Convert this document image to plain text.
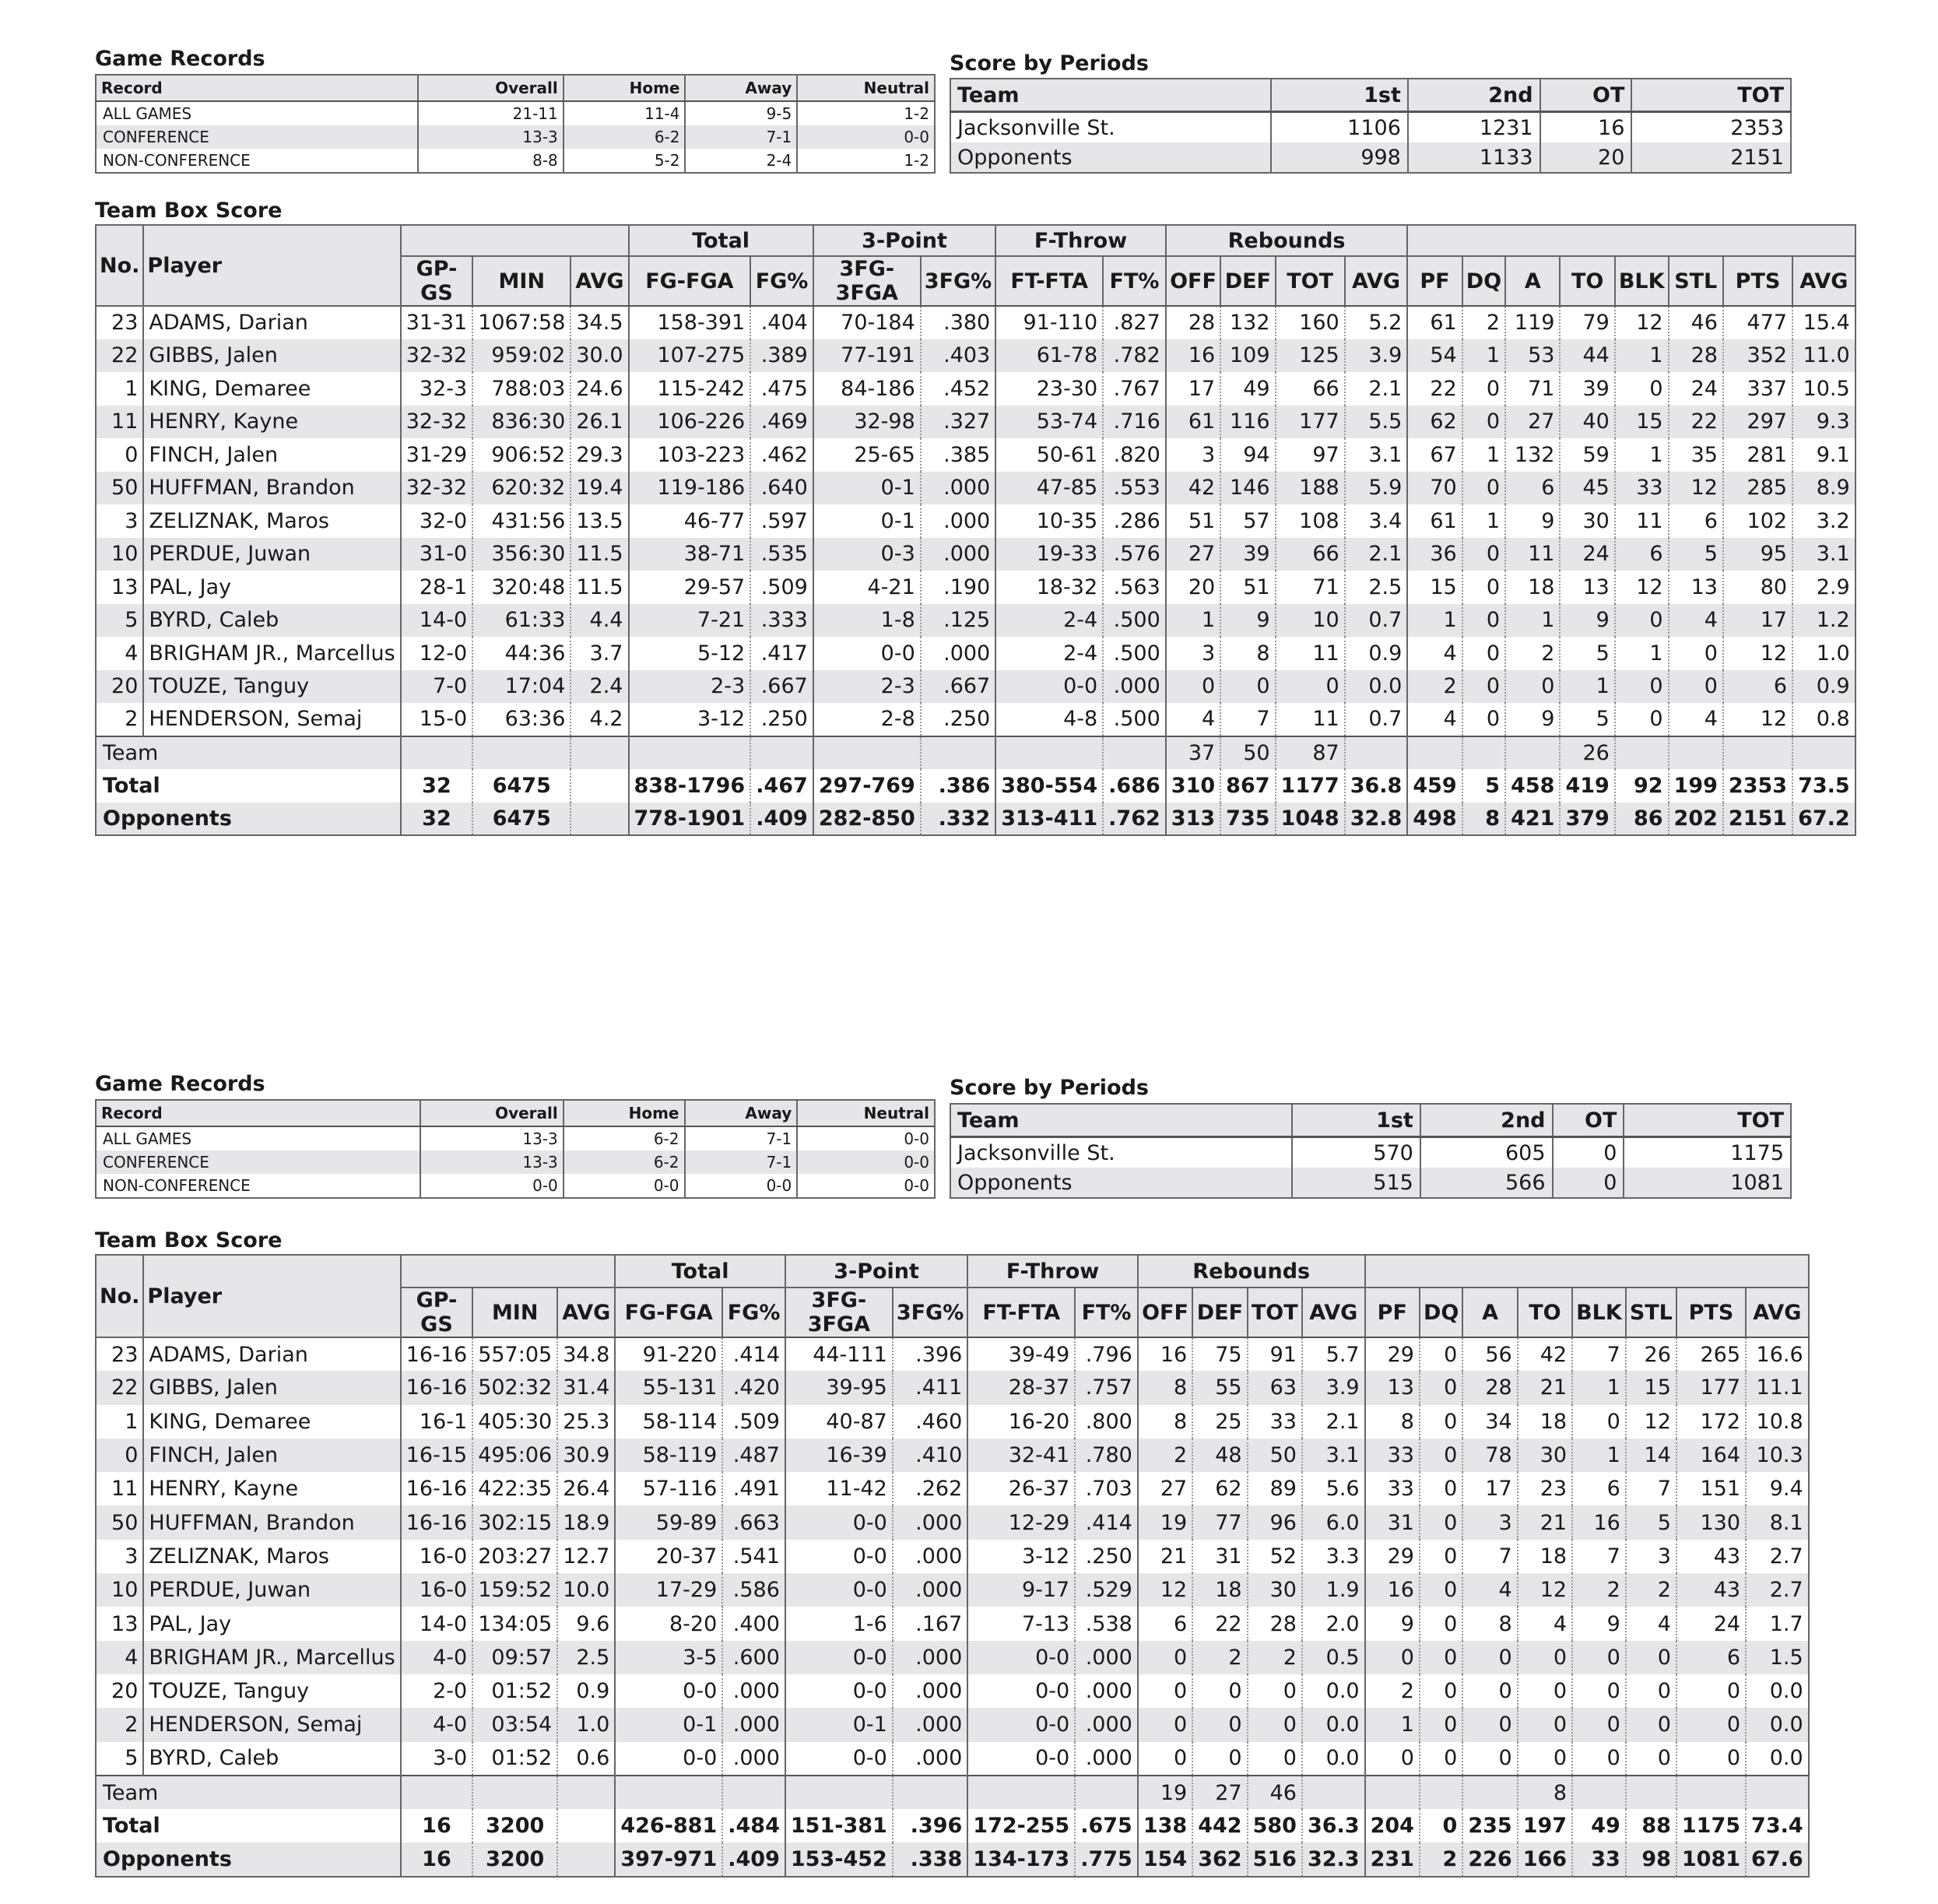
Game Records
Record	Overall	Home	Away	Neutral
ALL GAMES	21-11	11-4	9-5	1-2
CONFERENCE	13-3	6-2	7-1	0-0
NON-CONFERENCE	8-8	5-2	2-4	1-2
Score by Periods
Team	1st	2nd	OT	TOT
Jacksonville St.	1106	1231	16	2353
Opponents	998	1133	20	2151
Team Box Score
No.	Player				Total		3-Point		F-Throw		Rebounds											
		GP-GS	MIN	AVG	FG-FGA	FG%	3FG-3FGA	3FG%	FT-FTA	FT%	OFF	DEF	TOT	AVG	PF	DQ	A	TO	BLK	STL	PTS	AVG
23	ADAMS, Darian	31-31	1067:58	34.5	158-391	.404	70-184	.380	91-110	.827	28	132	160	5.2	61	2	119	79	12	46	477	15.4
22	GIBBS, Jalen	32-32	959:02	30.0	107-275	.389	77-191	.403	61-78	.782	16	109	125	3.9	54	1	53	44	1	28	352	11.0
1	KING, Demaree	32-3	788:03	24.6	115-242	.475	84-186	.452	23-30	.767	17	49	66	2.1	22	0	71	39	0	24	337	10.5
11	HENRY, Kayne	32-32	836:30	26.1	106-226	.469	32-98	.327	53-74	.716	61	116	177	5.5	62	0	27	40	15	22	297	9.3
0	FINCH, Jalen	31-29	906:52	29.3	103-223	.462	25-65	.385	50-61	.820	3	94	97	3.1	67	1	132	59	1	35	281	9.1
50	HUFFMAN, Brandon	32-32	620:32	19.4	119-186	.640	0-1	.000	47-85	.553	42	146	188	5.9	70	0	6	45	33	12	285	8.9
3	ZELIZNAK, Maros	32-0	431:56	13.5	46-77	.597	0-1	.000	10-35	.286	51	57	108	3.4	61	1	9	30	11	6	102	3.2
10	PERDUE, Juwan	31-0	356:30	11.5	38-71	.535	0-3	.000	19-33	.576	27	39	66	2.1	36	0	11	24	6	5	95	3.1
13	PAL, Jay	28-1	320:48	11.5	29-57	.509	4-21	.190	18-32	.563	20	51	71	2.5	15	0	18	13	12	13	80	2.9
5	BYRD, Caleb	14-0	61:33	4.4	7-21	.333	1-8	.125	2-4	.500	1	9	10	0.7	1	0	1	9	0	4	17	1.2
4	BRIGHAM JR., Marcellus	12-0	44:36	3.7	5-12	.417	0-0	.000	2-4	.500	3	8	11	0.9	4	0	2	5	1	0	12	1.0
20	TOUZE, Tanguy	7-0	17:04	2.4	2-3	.667	2-3	.667	0-0	.000	0	0	0	0.0	2	0	0	1	0	0	6	0.9
2	HENDERSON, Semaj	15-0	63:36	4.2	3-12	.250	2-8	.250	4-8	.500	4	7	11	0.7	4	0	9	5	0	4	12	0.8
Team											37	50	87					26				
Total		32	6475		838-1796	.467	297-769	.386	380-554	.686	310	867	1177	36.8	459	5	458	419	92	199	2353	73.5
Opponents		32	6475		778-1901	.409	282-850	.332	313-411	.762	313	735	1048	32.8	498	8	421	379	86	202	2151	67.2
Game Records
Record	Overall	Home	Away	Neutral
ALL GAMES	13-3	6-2	7-1	0-0
CONFERENCE	13-3	6-2	7-1	0-0
NON-CONFERENCE	0-0	0-0	0-0	0-0
Score by Periods
Team	1st	2nd	OT	TOT
Jacksonville St.	570	605	0	1175
Opponents	515	566	0	1081
Team Box Score
No.	Player				Total		3-Point		F-Throw		Rebounds											
		GP-GS	MIN	AVG	FG-FGA	FG%	3FG-3FGA	3FG%	FT-FTA	FT%	OFF	DEF	TOT	AVG	PF	DQ	A	TO	BLK	STL	PTS	AVG
23	ADAMS, Darian	16-16	557:05	34.8	91-220	.414	44-111	.396	39-49	.796	16	75	91	5.7	29	0	56	42	7	26	265	16.6
22	GIBBS, Jalen	16-16	502:32	31.4	55-131	.420	39-95	.411	28-37	.757	8	55	63	3.9	13	0	28	21	1	15	177	11.1
1	KING, Demaree	16-1	405:30	25.3	58-114	.509	40-87	.460	16-20	.800	8	25	33	2.1	8	0	34	18	0	12	172	10.8
0	FINCH, Jalen	16-15	495:06	30.9	58-119	.487	16-39	.410	32-41	.780	2	48	50	3.1	33	0	78	30	1	14	164	10.3
11	HENRY, Kayne	16-16	422:35	26.4	57-116	.491	11-42	.262	26-37	.703	27	62	89	5.6	33	0	17	23	6	7	151	9.4
50	HUFFMAN, Brandon	16-16	302:15	18.9	59-89	.663	0-0	.000	12-29	.414	19	77	96	6.0	31	0	3	21	16	5	130	8.1
3	ZELIZNAK, Maros	16-0	203:27	12.7	20-37	.541	0-0	.000	3-12	.250	21	31	52	3.3	29	0	7	18	7	3	43	2.7
10	PERDUE, Juwan	16-0	159:52	10.0	17-29	.586	0-0	.000	9-17	.529	12	18	30	1.9	16	0	4	12	2	2	43	2.7
13	PAL, Jay	14-0	134:05	9.6	8-20	.400	1-6	.167	7-13	.538	6	22	28	2.0	9	0	8	4	9	4	24	1.7
4	BRIGHAM JR., Marcellus	4-0	09:57	2.5	3-5	.600	0-0	.000	0-0	.000	0	2	2	0.5	0	0	0	0	0	0	6	1.5
20	TOUZE, Tanguy	2-0	01:52	0.9	0-0	.000	0-0	.000	0-0	.000	0	0	0	0.0	2	0	0	0	0	0	0	0.0
2	HENDERSON, Semaj	4-0	03:54	1.0	0-1	.000	0-1	.000	0-0	.000	0	0	0	0.0	1	0	0	0	0	0	0	0.0
5	BYRD, Caleb	3-0	01:52	0.6	0-0	.000	0-0	.000	0-0	.000	0	0	0	0.0	0	0	0	0	0	0	0	0.0
Team											19	27	46					8				
Total		16	3200		426-881	.484	151-381	.396	172-255	.675	138	442	580	36.3	204	0	235	197	49	88	1175	73.4
Opponents		16	3200		397-971	.409	153-452	.338	134-173	.775	154	362	516	32.3	231	2	226	166	33	98	1081	67.6
